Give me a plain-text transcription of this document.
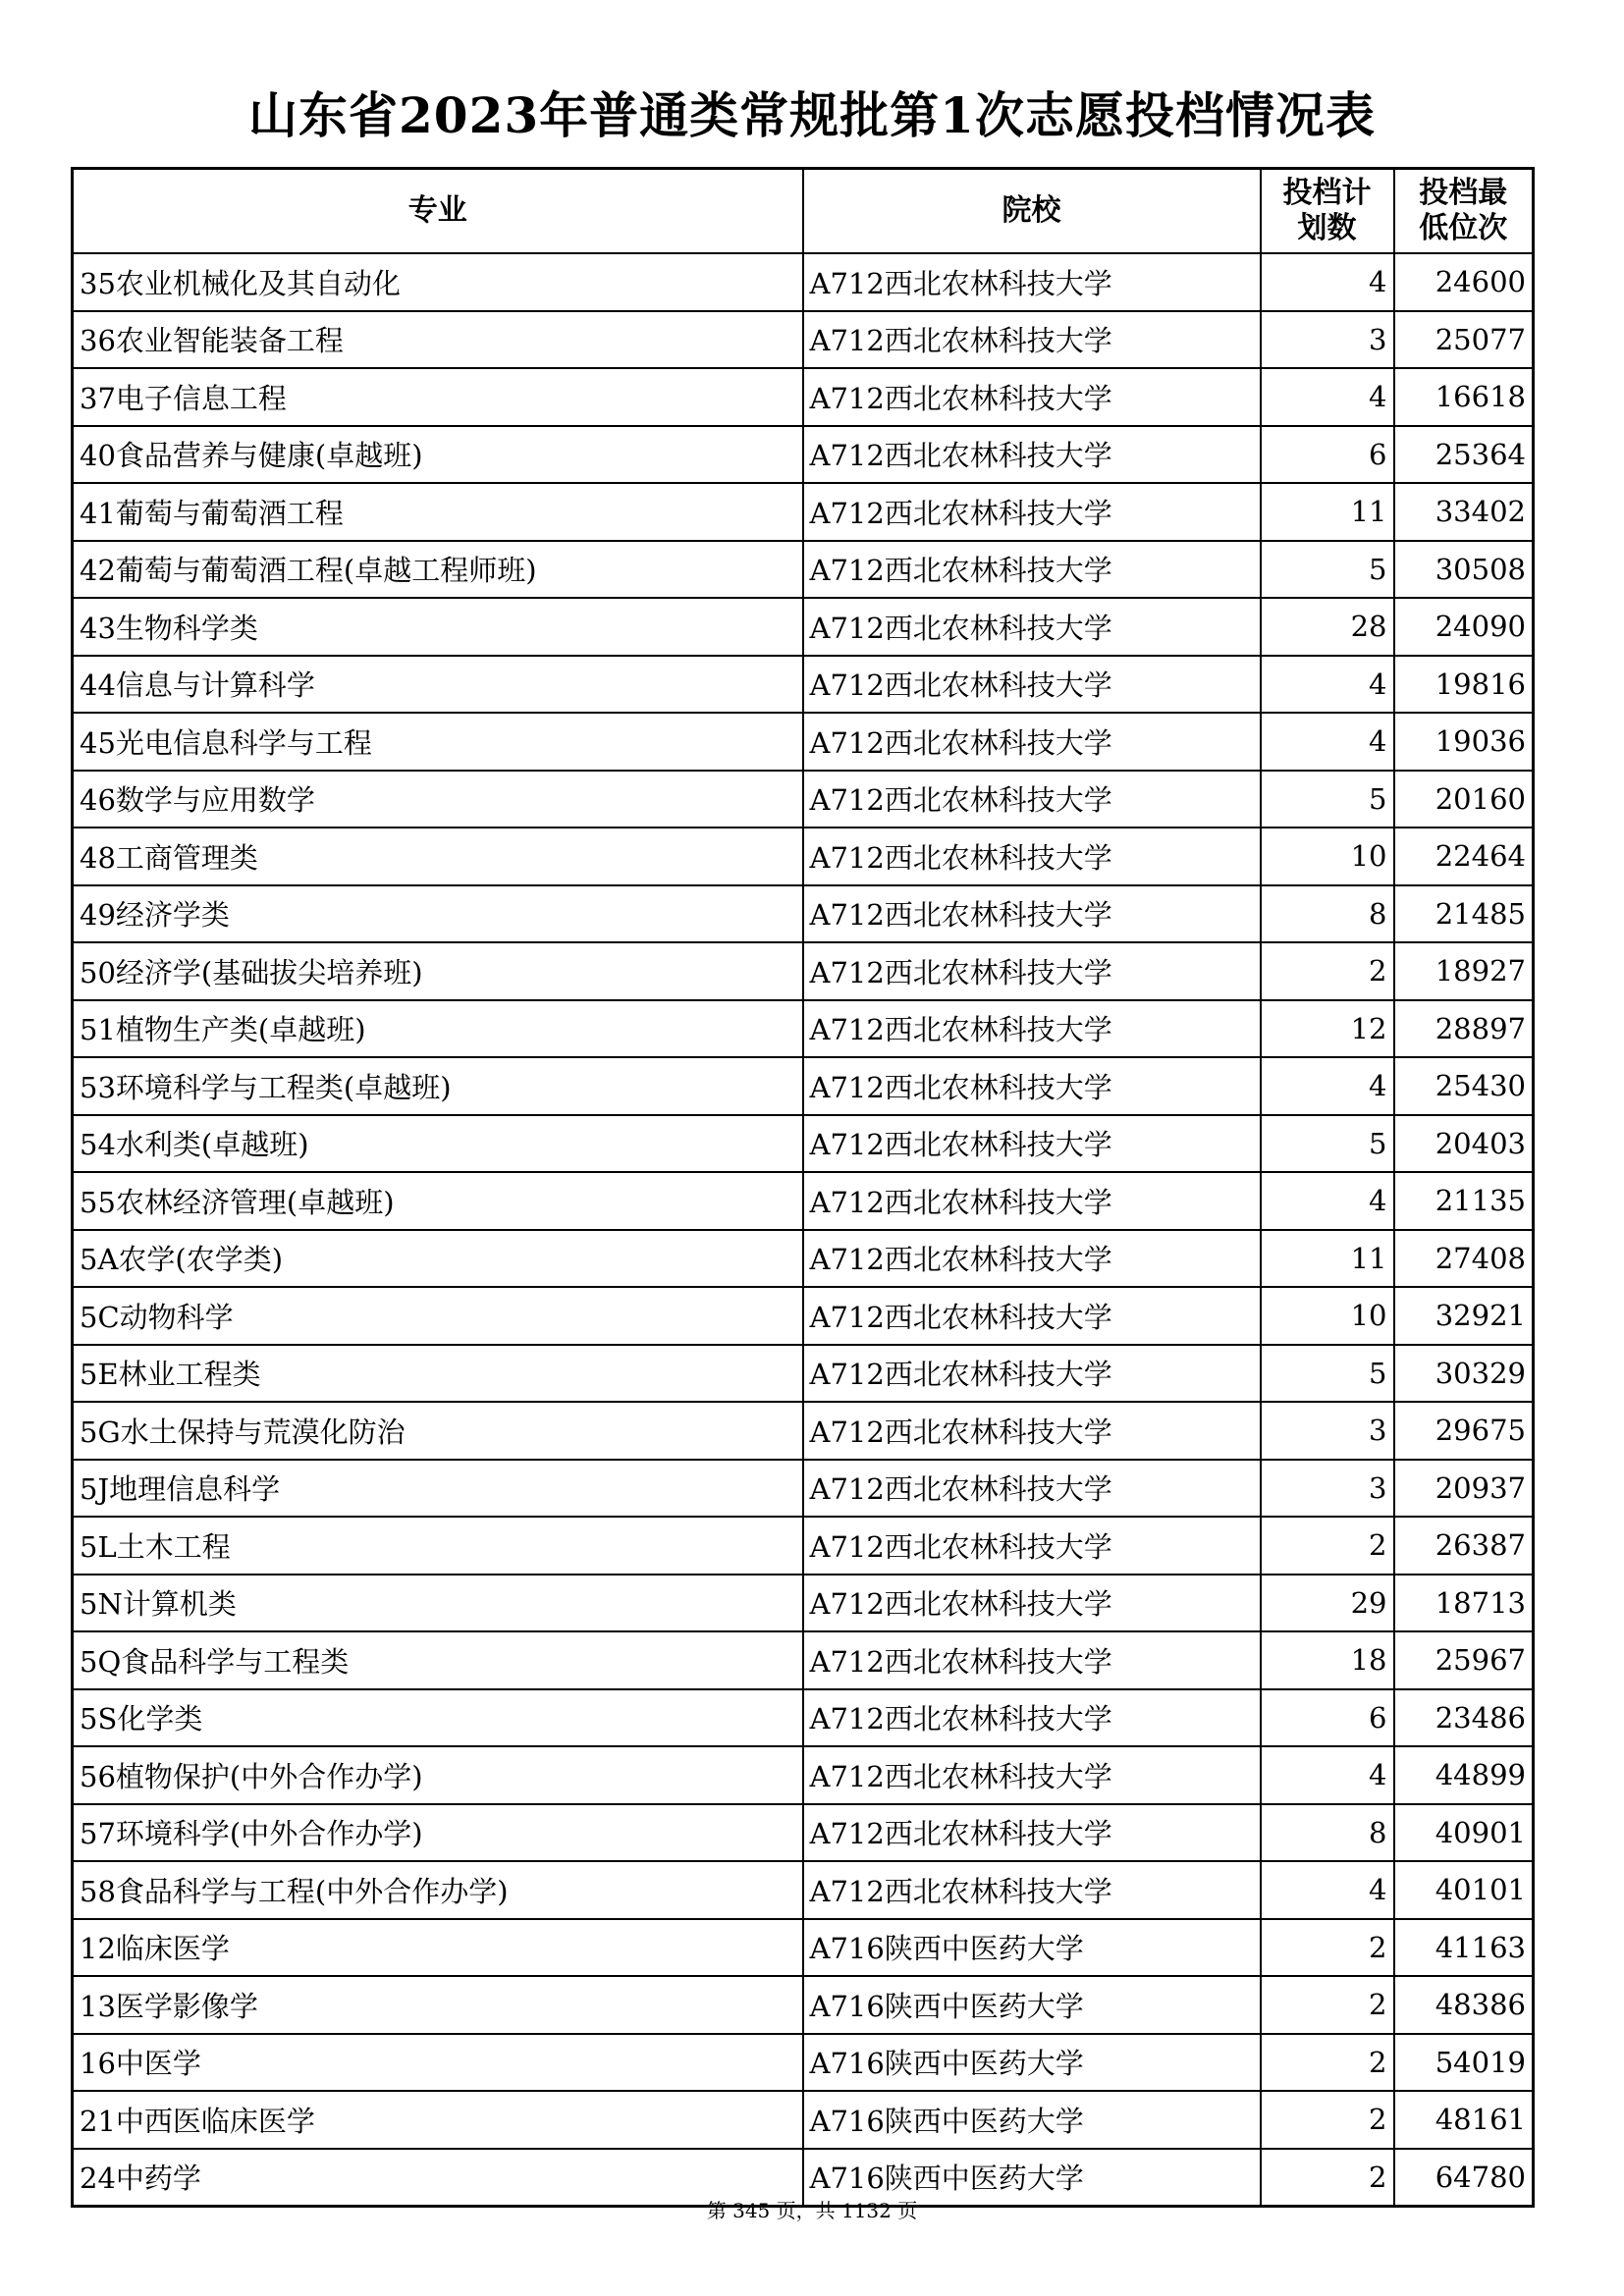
山东省2023年普通类常规批第1次志愿投档情况表
专业	院校	投档计划数	投档最低位次
35农业机械化及其自动化	A712西北农林科技大学	4	24600
36农业智能装备工程	A712西北农林科技大学	3	25077
37电子信息工程	A712西北农林科技大学	4	16618
40食品营养与健康(卓越班)	A712西北农林科技大学	6	25364
41葡萄与葡萄酒工程	A712西北农林科技大学	11	33402
42葡萄与葡萄酒工程(卓越工程师班)	A712西北农林科技大学	5	30508
43生物科学类	A712西北农林科技大学	28	24090
44信息与计算科学	A712西北农林科技大学	4	19816
45光电信息科学与工程	A712西北农林科技大学	4	19036
46数学与应用数学	A712西北农林科技大学	5	20160
48工商管理类	A712西北农林科技大学	10	22464
49经济学类	A712西北农林科技大学	8	21485
50经济学(基础拔尖培养班)	A712西北农林科技大学	2	18927
51植物生产类(卓越班)	A712西北农林科技大学	12	28897
53环境科学与工程类(卓越班)	A712西北农林科技大学	4	25430
54水利类(卓越班)	A712西北农林科技大学	5	20403
55农林经济管理(卓越班)	A712西北农林科技大学	4	21135
5A农学(农学类)	A712西北农林科技大学	11	27408
5C动物科学	A712西北农林科技大学	10	32921
5E林业工程类	A712西北农林科技大学	5	30329
5G水土保持与荒漠化防治	A712西北农林科技大学	3	29675
5J地理信息科学	A712西北农林科技大学	3	20937
5L土木工程	A712西北农林科技大学	2	26387
5N计算机类	A712西北农林科技大学	29	18713
5Q食品科学与工程类	A712西北农林科技大学	18	25967
5S化学类	A712西北农林科技大学	6	23486
56植物保护(中外合作办学)	A712西北农林科技大学	4	44899
57环境科学(中外合作办学)	A712西北农林科技大学	8	40901
58食品科学与工程(中外合作办学)	A712西北农林科技大学	4	40101
12临床医学	A716陕西中医药大学	2	41163
13医学影像学	A716陕西中医药大学	2	48386
16中医学	A716陕西中医药大学	2	54019
21中西医临床医学	A716陕西中医药大学	2	48161
24中药学	A716陕西中医药大学	2	64780
第 345 页，共 1132 页
